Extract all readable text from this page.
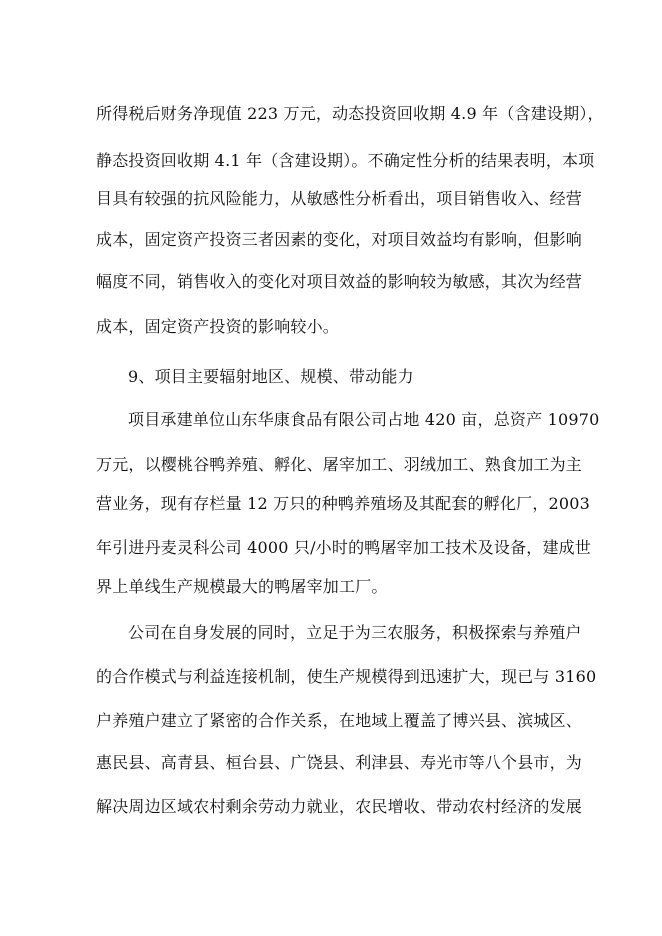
所得税后财务净现值 223 万元，动态投资回收期 4.9 年（含建设期），
静态投资回收期 4.1 年（含建设期）。不确定性分析的结果表明，本项
目具有较强的抗风险能力，从敏感性分析看出，项目销售收入、经营
成本，固定资产投资三者因素的变化，对项目效益均有影响，但影响
幅度不同，销售收入的变化对项目效益的影响较为敏感，其次为经营
成本，固定资产投资的影响较小。
9、项目主要辐射地区、规模、带动能力
项目承建单位山东华康食品有限公司占地 420 亩，总资产 10970
万元，以樱桃谷鸭养殖、孵化、屠宰加工、羽绒加工、熟食加工为主
营业务，现有存栏量 12 万只的种鸭养殖场及其配套的孵化厂，2003
年引进丹麦灵科公司 4000 只/小时的鸭屠宰加工技术及设备，建成世
界上单线生产规模最大的鸭屠宰加工厂。
公司在自身发展的同时，立足于为三农服务，积极探索与养殖户
的合作模式与利益连接机制，使生产规模得到迅速扩大，现已与 3160
户养殖户建立了紧密的合作关系，在地域上覆盖了博兴县、滨城区、
惠民县、高青县、桓台县、广饶县、利津县、寿光市等八个县市，为
解决周边区域农村剩余劳动力就业，农民增收、带动农村经济的发展
